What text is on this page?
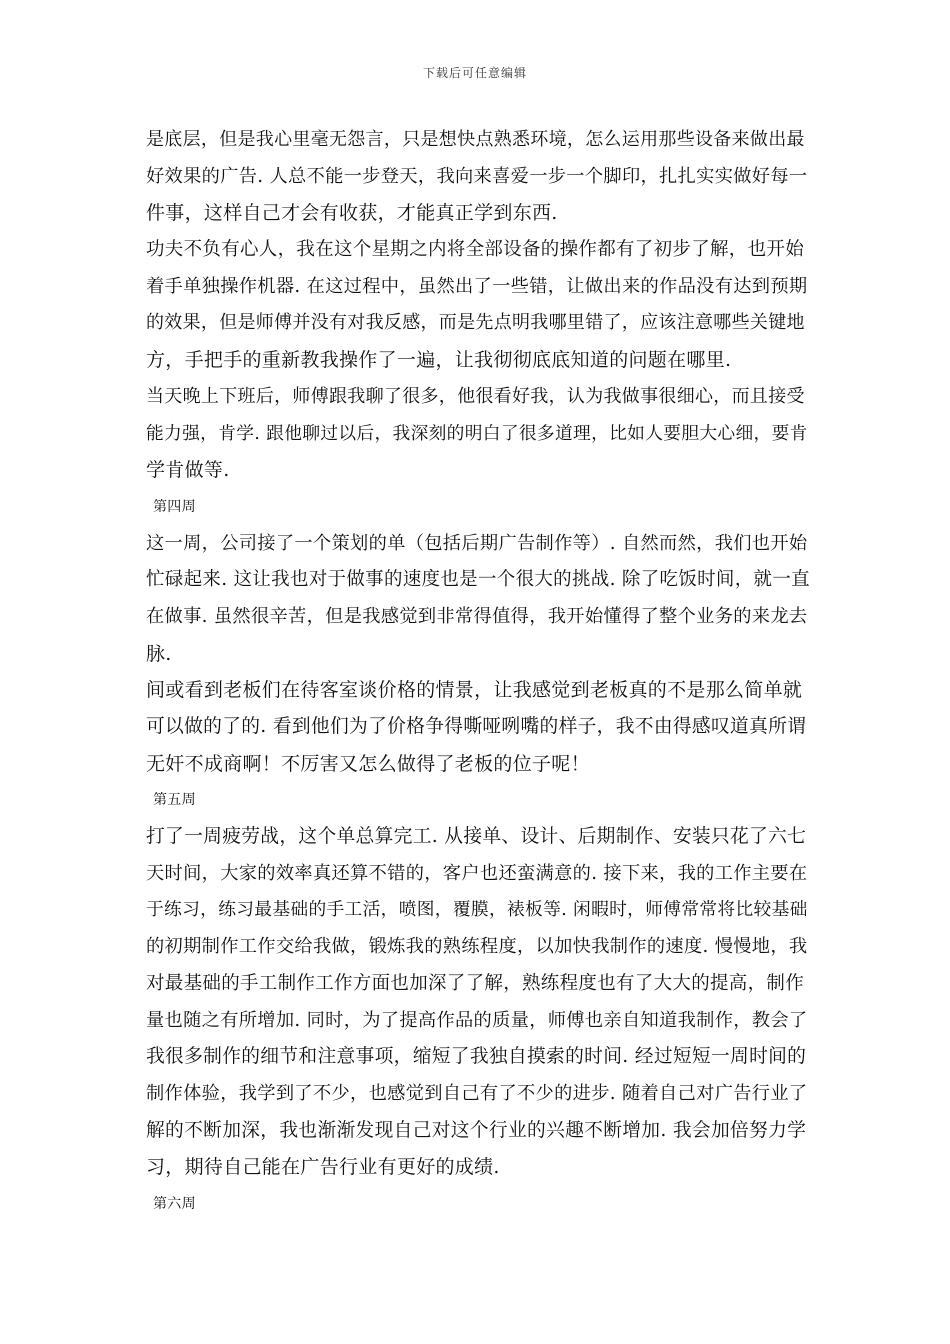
下载后可任意编辑
是底层，但是我心里毫无怨言，只是想快点熟悉环境，怎么运用那些设备来做出最
好效果的广告. 人总不能一步登天，我向来喜爱一步一个脚印，扎扎实实做好每一
件事，这样自己才会有收获，才能真正学到东西.
功夫不负有心人，我在这个星期之内将全部设备的操作都有了初步了解，也开始
着手单独操作机器. 在这过程中，虽然出了一些错，让做出来的作品没有达到预期
的效果，但是师傅并没有对我反感，而是先点明我哪里错了，应该注意哪些关键地
方，手把手的重新教我操作了一遍，让我彻彻底底知道的问题在哪里.
当天晚上下班后，师傅跟我聊了很多，他很看好我，认为我做事很细心，而且接受
能力强，肯学. 跟他聊过以后，我深刻的明白了很多道理，比如人要胆大心细，要肯
学肯做等.
第四周
这一周，公司接了一个策划的单（包括后期广告制作等）. 自然而然，我们也开始
忙碌起来. 这让我也对于做事的速度也是一个很大的挑战. 除了吃饭时间，就一直
在做事. 虽然很辛苦，但是我感觉到非常得值得，我开始懂得了整个业务的来龙去
脉.
间或看到老板们在待客室谈价格的情景，让我感觉到老板真的不是那么简单就
可以做的了的. 看到他们为了价格争得嘶哑咧嘴的样子，我不由得感叹道真所谓
无奸不成商啊！不厉害又怎么做得了老板的位子呢！
第五周
打了一周疲劳战，这个单总算完工. 从接单、设计、后期制作、安装只花了六七
天时间，大家的效率真还算不错的，客户也还蛮满意的. 接下来，我的工作主要在
于练习，练习最基础的手工活，喷图，覆膜，裱板等. 闲暇时，师傅常常将比较基础
的初期制作工作交给我做，锻炼我的熟练程度，以加快我制作的速度. 慢慢地，我
对最基础的手工制作工作方面也加深了了解，熟练程度也有了大大的提高，制作
量也随之有所增加. 同时，为了提高作品的质量，师傅也亲自知道我制作，教会了
我很多制作的细节和注意事项，缩短了我独自摸索的时间. 经过短短一周时间的
制作体验，我学到了不少，也感觉到自己有了不少的进步. 随着自己对广告行业了
解的不断加深，我也渐渐发现自己对这个行业的兴趣不断增加. 我会加倍努力学
习，期待自己能在广告行业有更好的成绩.
第六周
